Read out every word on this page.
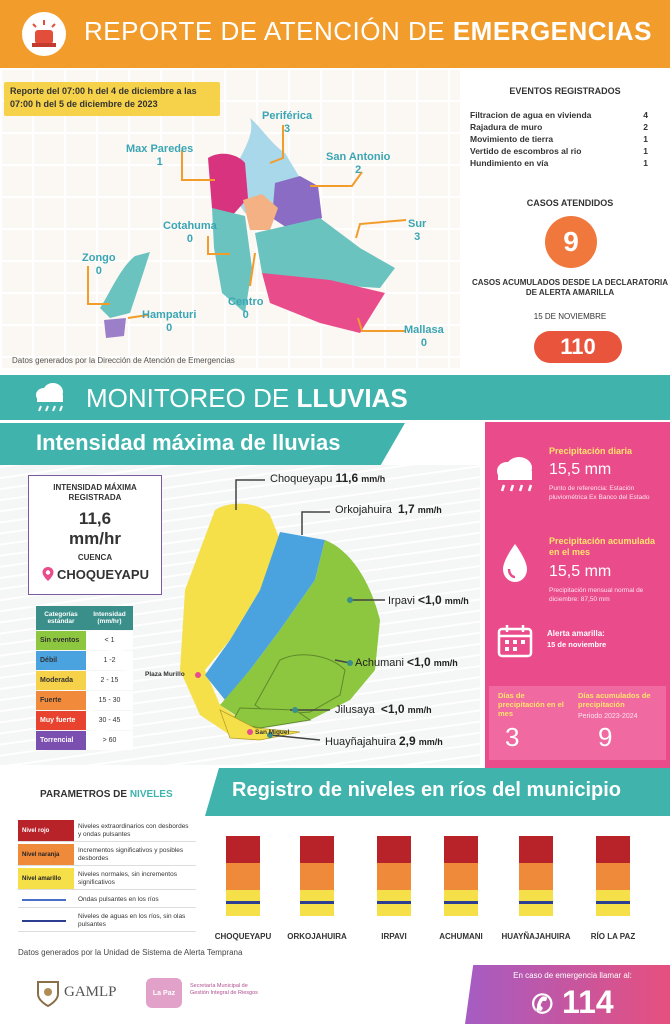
REPORTE DE ATENCIÓN DE EMERGENCIAS
Reporte del 07:00 h del 4 de diciembre a las 07:00 h del 5 de diciembre de 2023
Periférica
3
Max Paredes
1	San Antonio
2
Cotahuma
0
Sur
3
Zongo
0
Centro
0
Hampaturi
0	Mallasa
0
Datos generados por la Dirección de Atención de Emergencias
EVENTOS REGISTRADOS
Filtracion de agua en vivienda	4
Rajadura de muro	2
Movimiento de tierra	1
Vertido de escombros al rio	1
Hundimiento en vía	1
CASOS ATENDIDOS
9
CASOS ACUMULADOS DESDE LA DECLARATORIA DE ALERTA AMARILLA
15 DE NOVIEMBRE
110
MONITOREO DE LLUVIAS
Intensidad máxima de lluvias
INTENSIDAD MÁXIMA REGISTRADA
11,6
mm/hr
CUENCA
CHOQUEYAPU
Categorías estándar
Intensidad (mm/hr)
Sin eventos	< 1
Débil	1 -2
Moderada	2 - 15
Fuerte	15 - 30
Muy fuerte	30 - 45
Torrencial	> 60
Choqueyapu 11,6 mm/h
Orkojahuira 1,7 mm/h
Irpavi <1,0 mm/h
Achumani <1,0 mm/h
Jilusaya <1,0 mm/h
Huayñajahuira 2,9 mm/h
Plaza Murillo
San Miguel
Precipitación diaria
15,5 mm
Punto de referencia: Estación pluviométrica Ex Banco del Estado
Precipitación acumulada en el mes
15,5 mm
Precipitación mensual normal de diciembre: 87,50 mm
Alerta amarilla:
15 de noviembre
Días de precipitación en el mes
3
Días acumulados de precipitación
Periodo 2023-2024
9
PARAMETROS DE NIVELES	Registro de niveles en ríos del municipio
Nivel rojo
Niveles extraordinarios con desbordes y ondas pulsantes
Nivel naranja
Incrementos significativos y posibles desbordes
Nivel amarillo
Niveles normales, sin incrementos significativos
Ondas pulsantes en los ríos
Niveles de aguas en los ríos, sin olas pulsantes
CHOQUEYAPU	ORKOJAHUIRA	IRPAVI	ACHUMANI	HUAYÑAJAHUIRA	RÍO LA PAZ
Datos generados por la Unidad de Sistema de Alerta Temprana
GAMLP	La Paz
Secretaría Municipal de Gestión Integral de Riesgos
En caso de emergencia llamar al:
✆ 114
